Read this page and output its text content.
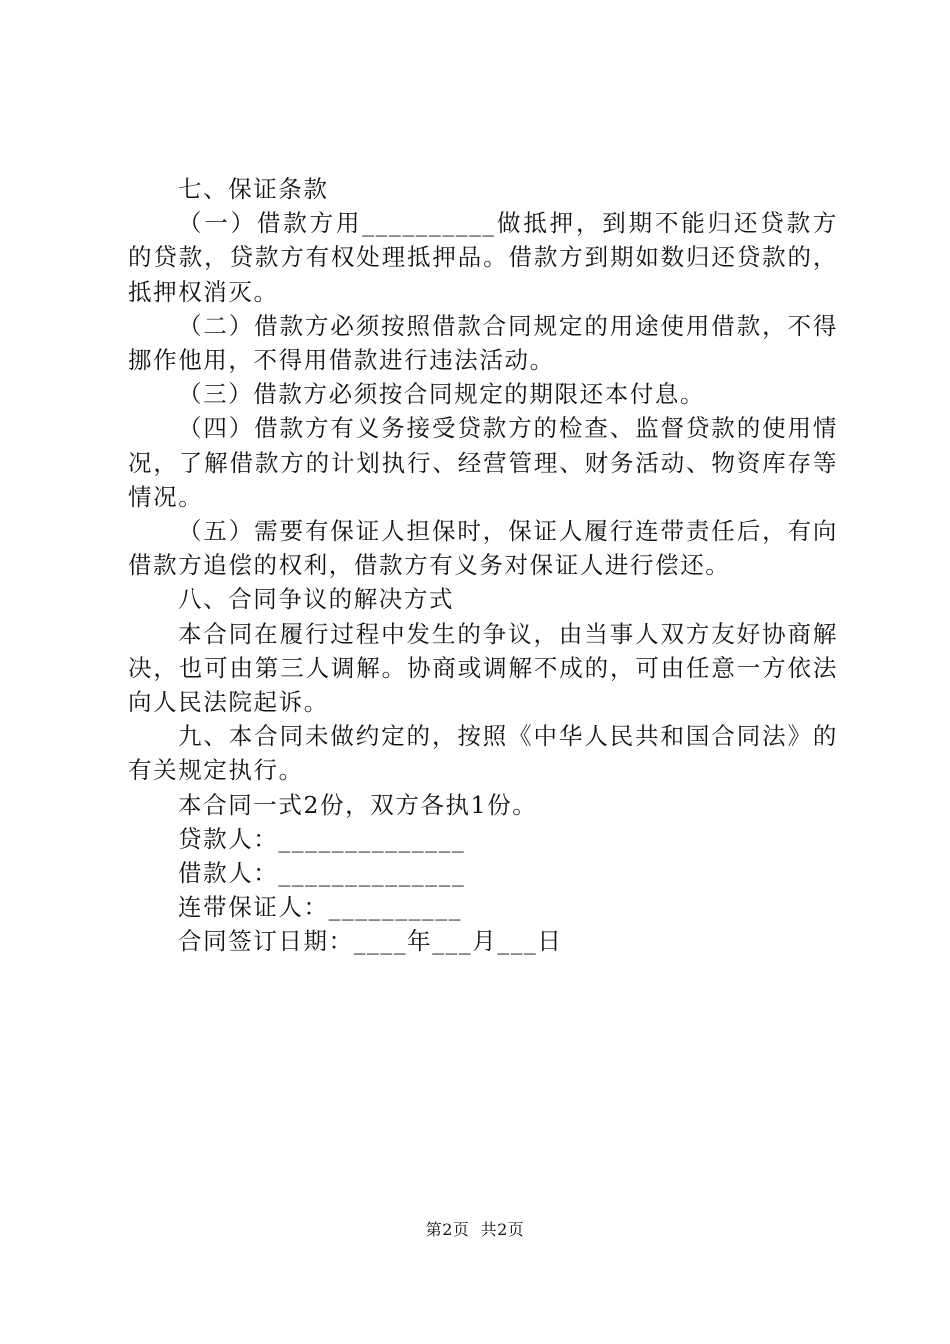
七、保证条款

（一）借款方用__________做抵押，到期不能归还贷款方的贷款，贷款方有权处理抵押品。借款方到期如数归还贷款的，抵押权消灭。

（二）借款方必须按照借款合同规定的用途使用借款，不得挪作他用，不得用借款进行违法活动。

（三）借款方必须按合同规定的期限还本付息。

（四）借款方有义务接受贷款方的检查、监督贷款的使用情况，了解借款方的计划执行、经营管理、财务活动、物资库存等情况。

（五）需要有保证人担保时，保证人履行连带责任后，有向借款方追偿的权利，借款方有义务对保证人进行偿还。

八、合同争议的解决方式

本合同在履行过程中发生的争议，由当事人双方友好协商解决，也可由第三人调解。协商或调解不成的，可由任意一方依法向人民法院起诉。

九、本合同未做约定的，按照《中华人民共和国合同法》的有关规定执行。

本合同一式2份，双方各执1份。

贷款人：______________

借款人：______________

连带保证人：__________

合同签订日期：____年___月___日

第2页  共2页
